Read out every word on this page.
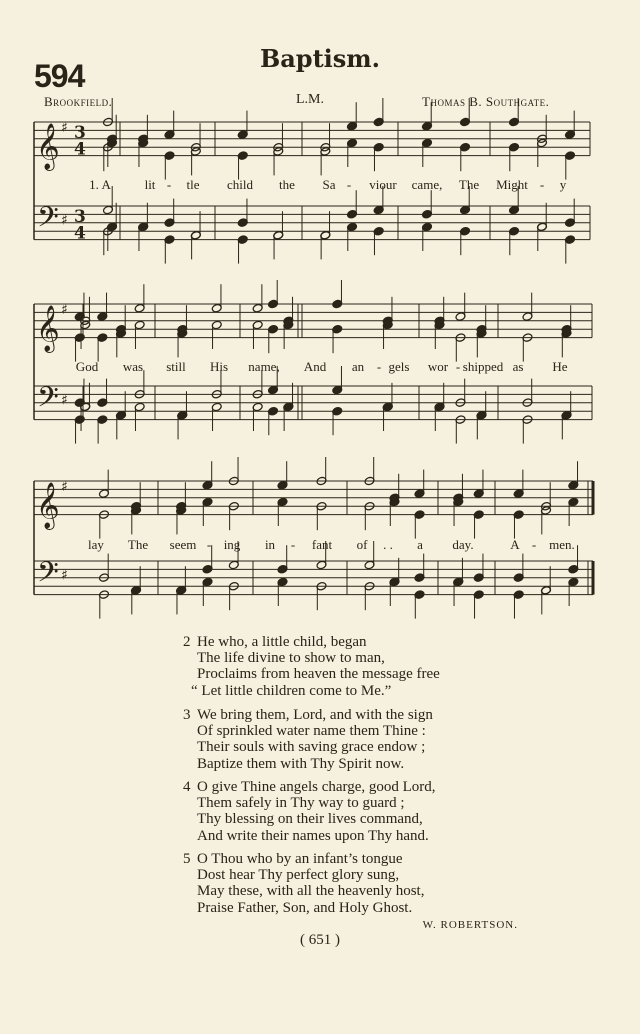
594	Baptism.
Brookfield.	L.M.	Thomas B. Southgate.
𝄞
𝄢
♯
♯
3
4
3
4
𝄞
𝄢
♯
♯
𝄞
𝄢
♯
♯
1. A	lit - tle child the Sa - viour came, The Might - y
God was still His name, And an - gels wor - shipped as He
lay The seem - ing in - fant of . . a day.	A - men.
2 He who, a little child, began
The life divine to show to man,
Proclaims from heaven the message free
“ Let little children come to Me.”
3 We bring them, Lord, and with the sign
Of sprinkled water name them Thine :
Their souls with saving grace endow ;
Baptize them with Thy Spirit now.
4 O give Thine angels charge, good Lord,
Them safely in Thy way to guard ;
Thy blessing on their lives command,
And write their names upon Thy hand.
5 O Thou who by an infant’s tongue
Dost hear Thy perfect glory sung,
May these, with all the heavenly host,
Praise Father, Son, and Holy Ghost.
W. ROBERTSON.
( 651 )
